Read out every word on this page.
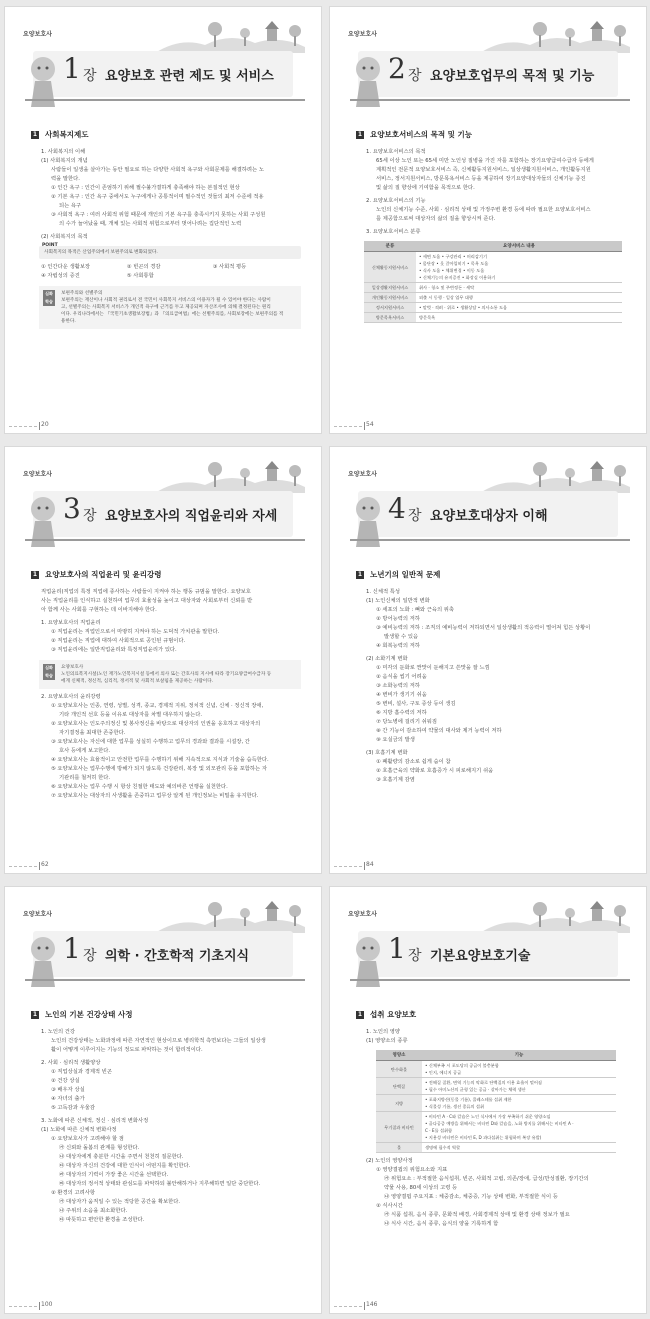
요양보호사
1 장 요양보호 관련 제도 및 서비스
1 사회복지제도
1. 사회복지의 이해
(1) 사회복지의 개념
사람들이 일생을 살아가는 동안 필요로 하는 다양한 사회적 욕구와 사회문제를 해결하려는 노
력을 말한다.
① 인간 욕구 : 인간이 존엄하기 위해 필수불가결하게 충족해야 하는 본질적인 현상
② 기본 욕구 : 인간 욕구 중에서도 누구에게나 공통적이며 필수적인 것들의 최저 수준에 적용
되는 욕구
③ 사회적 욕구 : 여러 사회적 위험 때문에 개인의 기본 욕구를 충족시키지 못하는 사회 구성원
의 수가 늘어났을 때, 개체 있는 사회적 위험으로부터 벗어나려는 집단적인 노력
(2) 사회복지의 목적
POINT
사회복지의 목적은 산업주의에서 보편주의로 변화되었다.
① 인간다운 생활보장	② 빈곤의 경감	③ 사회적 평등
④ 자립성의 증진	⑤ 사회통합
심화 학습
보편주의와 선별주의
보편주의는 재산이나 사회적 권리로서 전 국민이 사회복지 서비스의 이용자가 될 수 있어야 한다는 사람이
고, 선별주의는 사회복지 서비스가 개인적 욕구에 근거를 두고 제공되며 자산조사에 의해 결정된다는 원리
이다. 우리나라에서는 『국민기초생활보장법』과 『의료급여법』에는 선별주의를, 사회보장에는 보편주의를 적
용한다.
20
요양보호사
2 장 요양보호업무의 목적 및 기능
1 요양보호서비스의 목적 및 기능
1. 요양보호서비스의 목적
65세 이상 노인 또는 65세 미만 노인성 질병을 가진 자를 포함하는 장기요양급여수급자 등에게
계획적인 전문적 요양보호서비스 즉, 신체활동지원서비스, 일상생활지원서비스, 개인활동지원
서비스, 정서지원서비스, 방문목욕서비스 등을 제공하여 장기요양대상자들의 신체기능 증진
및 삶의 질 향상에 기여함을 목적으로 한다.
2. 요양보호서비스의 기능
노인의 신체기능 수준, 사회 · 심리적 상태 및 가정주변 환경 등에 따라 필요한 요양보호서비스
를 제공함으로써 대상자의 삶의 질을 향상시켜 준다.
3. 요양보호서비스 분류
분류	요양서비스 내용
신체활동지원서비스	• 세면 도움 • 구강관리 • 머리감기기
• 몸단장 • 옷 갈아입히기 • 목욕 도움
• 식사 도움 • 체위변경 • 이동 도움
• 신체기능의 유지증진 • 화장실 이용하기

일상생활지원서비스	취사 · 청소 및 주변정돈 · 세탁
개인활동지원서비스	외출 시 동행 · 일상 업무 대행
정서지원서비스	• 말벗 · 격려 · 위로 • 생활상담 • 의사소통 도움
방문목욕서비스	방문목욕
54
요양보호사
3 장 요양보호사의 직업윤리와 자세
1 요양보호사의 직업윤리 및 윤리강령
직업윤리(직업의 특정 직업에 종사하는 사람들이 지켜야 하는 행동 규범을 말한다. 요양보호
사는 직업윤리를 인식하고 실천하여 업무의 효율성을 높이고 대상자와 사회로부터 신뢰를 받
아 함께 사는 사회를 구현하는 데 이바지해야 한다.
1. 요양보호사의 직업윤리
① 직업윤리는 직업인으로서 마땅히 지켜야 하는 도덕적 가치관을 말한다.
② 직업윤리는 직업에 대하여 사회적으로 공인된 규범이다.
③ 직업윤리에는 일반직업윤리와 특정직업윤리가 있다.
심화 학습
요양보호사
노인의료복지시설(노인 재가노인복지시설 등에서 의사 또는 간호사의 지시에 따라 장기요양급여수급자 등
에게 신체적, 정신적, 심리적, 정서적 및 사회적 보살핌을 제공하는 사람이다.
2. 요양보호사의 윤리강령
① 요양보호사는 인종, 연령, 성별, 성격, 종교, 경제적 지위, 정치적 신념, 신체 · 정신적 장애,
기타 개인적 선호 등을 이유로 대상자를 차별 대우하지 않는다.
② 요양보호사는 인도주의정신 및 봉사정신을 바탕으로 대상자의 인권을 옹호하고 대상자의
자기결정을 최대한 존중한다.
③ 요양보호사는 자신에 대한 업무를 성실히 수행하고 업무의 경과와 결과를 시설장, 간
호사 등에게 보고한다.
④ 요양보호사는 효율적이고 안전한 업무를 수행하기 위해 지속적으로 지식과 기술을 습득한다.
⑤ 요양보호사는 업무수행에 방해가 되지 않도록 건강관리, 복장 및 외모관리 등을 포함하는 자
기관리를 철저히 한다.
⑥ 요양보호사는 업무 수행 시 항상 친절한 태도와 예의바른 언행을 실천한다.
⑦ 요양보호사는 대상자의 사생활을 존중하고 업무상 알게 된 개인정보는 비밀을 유지한다.
62
요양보호사
4 장 요양보호대상자 이해
1 노년기의 일반적 문제
1. 신체적 특성
(1) 노인신체의 일반적 변화
① 세포의 노화 : 뼈와 근육의 위축
② 방어능력의 저하
③ 예비능력의 저하 : 조직의 예비능력이 저하되면서 일상생활의 적응력이 떨어져 힘든 상황이
발생할 수 있음
④ 회복능력의 저하
(2) 소화기계 변화
① 미각의 둔화로 짠맛이 둔해지고 쓴맛을 잘 느낌
② 음식을 씹기 어려움
③ 소화능력의 저하
④ 변비가 생기기 쉬움
⑤ 변비, 설사, 구토 증상 등이 생김
⑥ 지방 흡수력의 저하
⑦ 당뇨병에 걸리기 쉬워짐
⑧ 간 기능이 감소하여 약물의 대사와 제거 능력이 저하
⑨ 요실금의 발생
(3) 호흡기계 변화
① 폐활량의 감소로 쉽게 숨이 참
② 호흡근육의 약화로 호흡증가 시 피로해지기 쉬움
③ 호흡기계 감염
84
요양보호사
1 장 의학 · 간호학적 기초지식
1 노인의 기본 건강상태 사정
1. 노인의 건강
노인의 건강상태는 노화과정에 따른 자연적인 현상이므로 병리학적 측면보다는 그들의 일상생
활이 어떻게 이루어지는 기능의 정도로 파악하는 것이 합리적이다.
2. 사회 · 심리적 생활양상
① 직업상실과 경제적 빈곤
② 건강 상실
③ 배우자 상실
④ 자녀의 출가
⑤ 고독감과 우울감
3. 노화에 따른 신체적, 정신 · 심리적 변화사정
(1) 노화에 따른 신체적 변화사정
① 요양보호사가 고려해야 할 점
㉮ 신뢰와 돌봄의 관계를 형성한다.
㉯ 대상자에게 충분한 시간을 주면서 천천히 질문한다.
㉰ 대상자 자신의 건강에 대한 인식이 어떤지를 확인한다.
㉱ 대상자의 기력이 가장 좋은 시간을 선택한다.
㉲ 대상자의 정서적 상태와 관심도를 파악하되 불안해하거나 지루해하면 일단 중단한다.
② 환경의 고려사항
㉮ 대상자가 움직일 수 있는 적당한 공간을 확보한다.
㉯ 주위의 소음을 최소화한다.
㉰ 따뜻하고 편안한 환경을 조성한다.
100
요양보호사
1 장 기본요양보호기술
1 섭취 요양보호
1. 노인의 영양
(1) 영양소의 종류
영양소	기능
탄수화물	• 신체부족 시 포도당의 공급이 불충분함
• 인지, 에너지 공급

단백질	• 전해질 질환, 면역 기능의 악화로 단백질의 이용 효율이 떨어짐
• 필수 아미노산의 균형 있는 공급 · 살아가는 체력 생산

지방	• 포화지방산(동물 기름), 콜레스테롤 섭취 제한
• 식물성 기름, 생선 종류의 섭취

무기질과 비타민	• 비타민 A · C와 칼슘은 노인 식사에서 가장 부족하기 쉬운 영양소임
• 골다공증 예방을 위해서는 비타민 D와 칼슘을, 노화 방지를 위해서는 비타민 A ·
C · E를 섭취함
• 지용성 비타민은 비타민 E, D 과다섭취는 위험하며 복장 유발)

물	생명에 필수적 역할
(2) 노인의 영양사정
① 영양결핍의 위험요소와 지표
㉮ 위험요소 : 부적절한 음식섭취, 빈곤, 사회적 고립, 의존/장애, 급성/만성질환, 장기간의
약물 사용, 80세 이상의 고령 등
㉯ 영양결핍 주요지표 : 체중감소, 체중증, 기능 상태 변화, 부적절한 식이 등
② 식사시간
㉮ 식품 섭취, 음식 종류, 문화적 배경, 사회경제적 상태 및 환경 상태 정보가 필요
㉯ 식사 시간, 음식 종류, 음식의 양을 기록하게 함
146
